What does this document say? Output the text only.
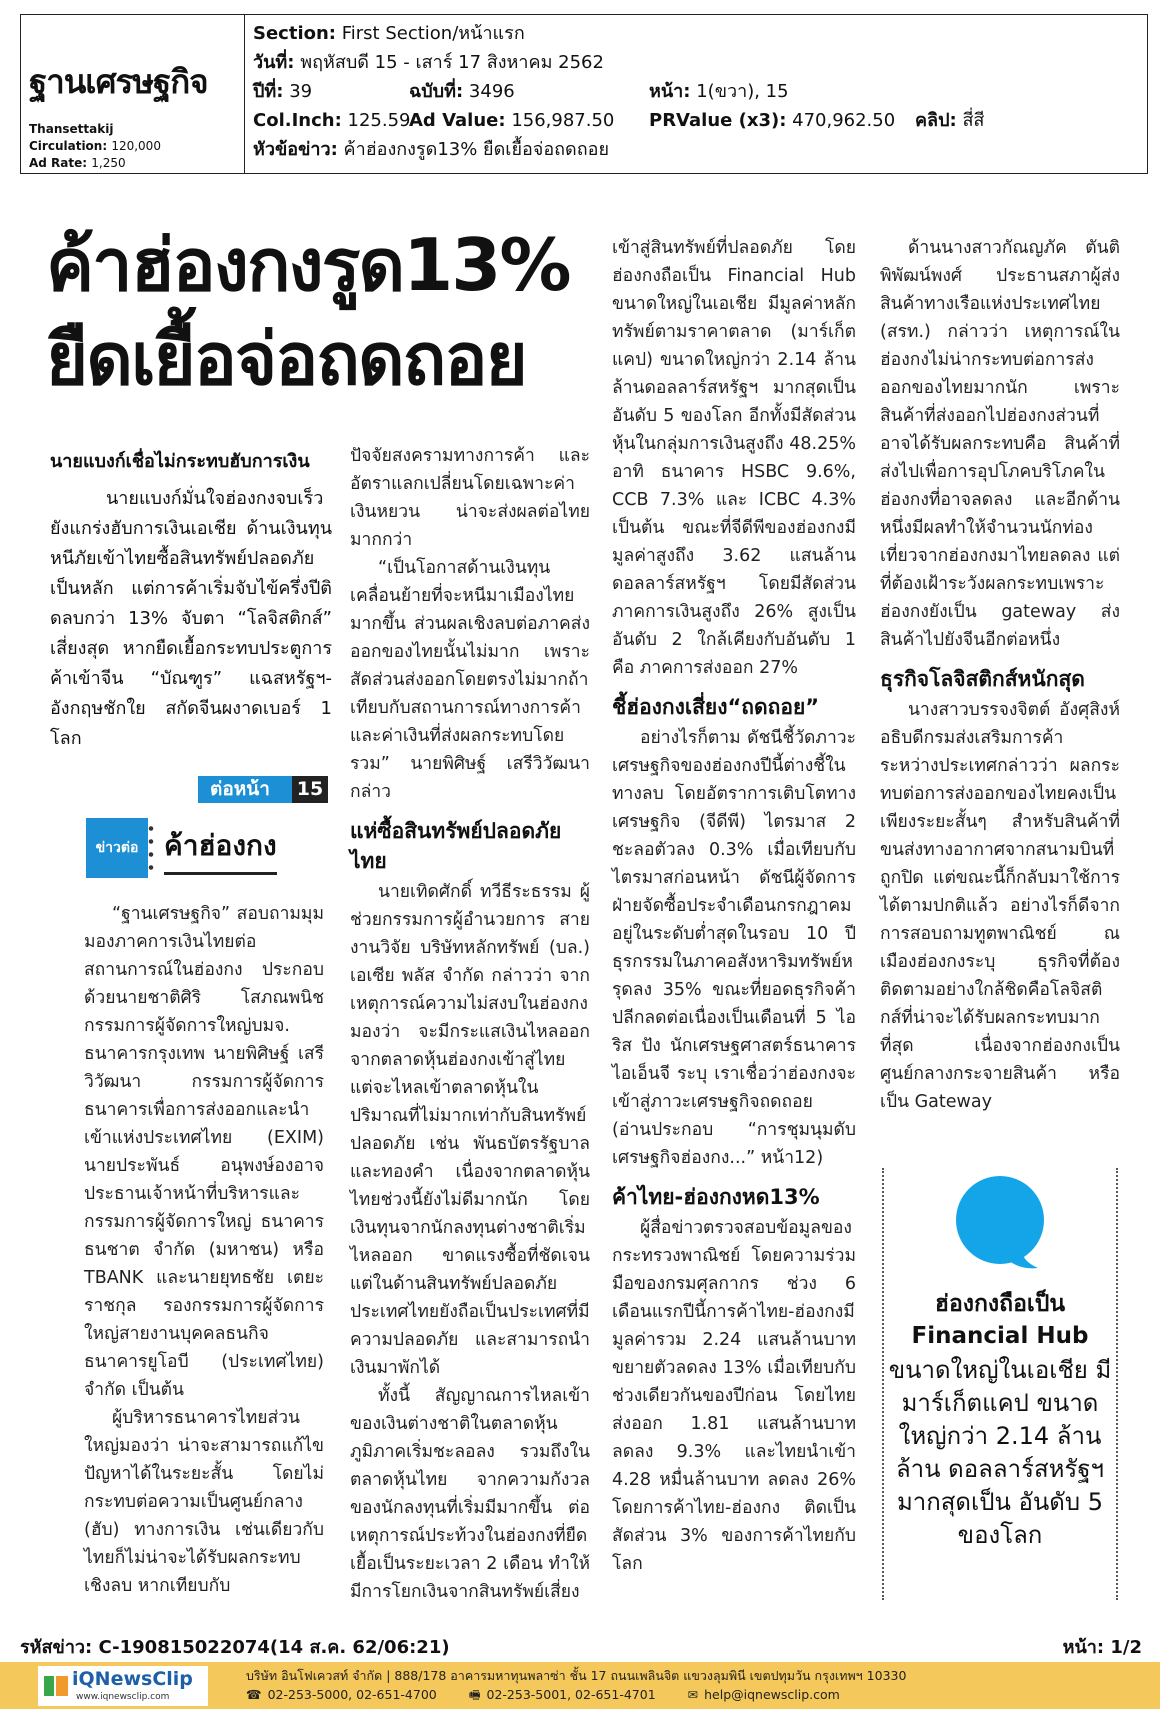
ฐานเศรษฐกิจ
Thansettakij
Circulation: 120,000
Ad Rate: 1,250
Section: First Section/หน้าแรก
วันที่: พฤหัสบดี 15 - เสาร์ 17 สิงหาคม 2562
ปีที่: 39	ฉบับที่: 3496	หน้า: 1(ขวา), 15
Col.Inch: 125.59
Ad Value: 156,987.50 PRValue (x3): 470,962.50 คลิป: สี่สี
หัวข้อข่าว: ค้าฮ่องกงรูด13% ยืดเยื้อจ่อถดถอย
ค้าฮ่องกงรูด13%
ยืดเยื้อจ่อถดถอย
นายแบงก์เชื่อไม่กระทบฮับการเงิน

นายแบงก์มั่นใจฮ่องกงจบเร็วยังแกร่งฮับการเงินเอเชีย ด้านเงินทุนหนีภัยเข้าไทยซื้อสินทรัพย์ปลอดภัยเป็นหลัก แต่การค้าเริ่มจับไข้ครึ่งปีติดลบกว่า 13% จับตา “โลจิสติกส์” เสี่ยงสุด หากยืดเยื้อกระทบประตูการค้าเข้าจีน “บัณฑูร” แฉสหรัฐฯ-อังกฤษชักใย สกัดจีนผงาดเบอร์ 1 โลก

ต่อหน้า 15
ข่าวต่อ ค้าฮ่องกง

“ฐานเศรษฐกิจ” สอบถามมุมมองภาคการเงินไทยต่อสถานการณ์ในฮ่องกง ประกอบด้วยนายชาติศิริ โสภณพนิช กรรมการผู้จัดการใหญ่บมจ. ธนาคารกรุงเทพ นายพิศิษฐ์ เสรีวิวัฒนา กรรมการผู้จัดการธนาคารเพื่อการส่งออกและนำเข้าแห่งประเทศไทย (EXIM) นายประพันธ์ อนุพงษ์องอาจ ประธานเจ้าหน้าที่บริหารและกรรมการผู้จัดการใหญ่ ธนาคารธนชาต จำกัด (มหาชน) หรือ TBANK และนายยุทธชัย เตยะราชกุล รองกรรมการผู้จัดการใหญ่สายงานบุคคลธนกิจ ธนาคารยูโอบี (ประเทศไทย) จำกัด เป็นต้น

ผู้บริหารธนาคารไทยส่วนใหญ่มองว่า น่าจะสามารถแก้ไขปัญหาได้ในระยะสั้น โดยไม่กระทบต่อความเป็นศูนย์กลาง (ฮับ) ทางการเงิน เช่นเดียวกับไทยก็ไม่น่าจะได้รับผลกระทบเชิงลบ หากเทียบกับ

ปัจจัยสงครามทางการค้า และอัตราแลกเปลี่ยนโดยเฉพาะค่าเงินหยวน น่าจะส่งผลต่อไทยมากกว่า

“เป็นโอกาสด้านเงินทุนเคลื่อนย้ายที่จะหนีมาเมืองไทยมากขึ้น ส่วนผลเชิงลบต่อภาคส่งออกของไทยนั้นไม่มาก เพราะสัดส่วนส่งออกโดยตรงไม่มากถ้าเทียบกับสถานการณ์ทางการค้าและค่าเงินที่ส่งผลกระทบโดยรวม” นายพิศิษฐ์ เสรีวิวัฒนา กล่าว

แห่ซื้อสินทรัพย์ปลอดภัยไทย

นายเทิดศักดิ์ ทวีธีระธรรม ผู้ช่วยกรรมการผู้อำนวยการ สายงานวิจัย บริษัทหลักทรัพย์ (บล.) เอเซีย พลัส จำกัด กล่าวว่า จากเหตุการณ์ความไม่สงบในฮ่องกงมองว่า จะมีกระแสเงินไหลออกจากตลาดหุ้นฮ่องกงเข้าสู่ไทย แต่จะไหลเข้าตลาดหุ้นในปริมาณที่ไม่มากเท่ากับสินทรัพย์ปลอดภัย เช่น พันธบัตรรัฐบาล และทองคำ เนื่องจากตลาดหุ้นไทยช่วงนี้ยังไม่ดีมากนัก โดยเงินทุนจากนักลงทุนต่างชาติเริ่มไหลออก ขาดแรงซื้อที่ชัดเจน แต่ในด้านสินทรัพย์ปลอดภัย ประเทศไทยยังถือเป็นประเทศที่มีความปลอดภัย และสามารถนำเงินมาพักได้

ทั้งนี้ สัญญาณการไหลเข้าของเงินต่างชาติในตลาดหุ้นภูมิภาคเริ่มชะลอลง รวมถึงในตลาดหุ้นไทย จากความกังวลของนักลงทุนที่เริ่มมีมากขึ้น ต่อเหตุการณ์ประท้วงในฮ่องกงที่ยืดเยื้อเป็นระยะเวลา 2 เดือน ทำให้มีการโยกเงินจากสินทรัพย์เสี่ยง

เข้าสู่สินทรัพย์ที่ปลอดภัย โดยฮ่องกงถือเป็น Financial Hub ขนาดใหญ่ในเอเชีย มีมูลค่าหลักทรัพย์ตามราคาตลาด (มาร์เก็ตแคป) ขนาดใหญ่กว่า 2.14 ล้านล้านดอลลาร์สหรัฐฯ มากสุดเป็นอันดับ 5 ของโลก อีกทั้งมีสัดส่วนหุ้นในกลุ่มการเงินสูงถึง 48.25% อาทิ ธนาคาร HSBC 9.6%, CCB 7.3% และ ICBC 4.3% เป็นต้น ขณะที่จีดีพีของฮ่องกงมีมูลค่าสูงถึง 3.62 แสนล้านดอลลาร์สหรัฐฯ โดยมีสัดส่วนภาคการเงินสูงถึง 26% สูงเป็นอันดับ 2 ใกล้เคียงกับอันดับ 1 คือ ภาคการส่งออก 27%

ชี้ฮ่องกงเสี่ยง“ถดถอย”

อย่างไรก็ตาม ดัชนีชี้วัดภาวะเศรษฐกิจของฮ่องกงปีนี้ต่างชี้ในทางลบ โดยอัตราการเติบโตทางเศรษฐกิจ (จีดีพี) ไตรมาส 2 ชะลอตัวลง 0.3% เมื่อเทียบกับไตรมาสก่อนหน้า ดัชนีผู้จัดการฝ่ายจัดซื้อประจำเดือนกรกฎาคมอยู่ในระดับต่ำสุดในรอบ 10 ปี ธุรกรรมในภาคอสังหาริมทรัพย์หรุดลง 35% ขณะที่ยอดธุรกิจค้าปลีกลดต่อเนื่องเป็นเดือนที่ 5 ไอริส ปัง นักเศรษฐศาสตร์ธนาคารไอเอ็นจี ระบุ เราเชื่อว่าฮ่องกงจะเข้าสู่ภาวะเศรษฐกิจถดถอย (อ่านประกอบ “การชุมนุมดับเศรษฐกิจฮ่องกง...” หน้า12)

ค้าไทย-ฮ่องกงหด13%

ผู้สื่อข่าวตรวจสอบข้อมูลของกระทรวงพาณิชย์ โดยความร่วมมือของกรมศุลกากร ช่วง 6 เดือนแรกปีนี้การค้าไทย-ฮ่องกงมีมูลค่ารวม 2.24 แสนล้านบาท ขยายตัวลดลง 13% เมื่อเทียบกับช่วงเดียวกันของปีก่อน โดยไทยส่งออก 1.81 แสนล้านบาท ลดลง 9.3% และไทยนำเข้า 4.28 หมื่นล้านบาท ลดลง 26% โดยการค้าไทย-ฮ่องกง ติดเป็นสัดส่วน 3% ของการค้าไทยกับโลก

ด้านนางสาวกัณญภัค ตันติพิพัฒน์พงศ์ ประธานสภาผู้ส่งสินค้าทางเรือแห่งประเทศไทย (สรท.) กล่าวว่า เหตุการณ์ในฮ่องกงไม่น่ากระทบต่อการส่งออกของไทยมากนัก เพราะสินค้าที่ส่งออกไปฮ่องกงส่วนที่อาจได้รับผลกระทบคือ สินค้าที่ส่งไปเพื่อการอุปโภคบริโภคในฮ่องกงที่อาจลดลง และอีกด้านหนึ่งมีผลทำให้จำนวนนักท่องเที่ยวจากฮ่องกงมาไทยลดลง แต่ที่ต้องเฝ้าระวังผลกระทบเพราะฮ่องกงยังเป็น gateway ส่งสินค้าไปยังจีนอีกต่อหนึ่ง

ธุรกิจโลจิสติกส์หนักสุด

นางสาวบรรจงจิตต์ อังศุสิงห์ อธิบดีกรมส่งเสริมการค้าระหว่างประเทศกล่าวว่า ผลกระทบต่อการส่งออกของไทยคงเป็นเพียงระยะสั้นๆ สำหรับสินค้าที่ขนส่งทางอากาศจากสนามบินที่ถูกปิด แต่ขณะนี้ก็กลับมาใช้การได้ตามปกติแล้ว อย่างไรก็ดีจากการสอบถามทูตพาณิชย์ ณ เมืองฮ่องกงระบุ ธุรกิจที่ต้องติดตามอย่างใกล้ชิดคือโลจิสติกส์ที่น่าจะได้รับผลกระทบมากที่สุด เนื่องจากฮ่องกงเป็นศูนย์กลางกระจายสินค้า หรือเป็น Gateway

ฮ่องกงถือเป็น
Financial Hub
ขนาดใหญ่ในเอเชีย มีมาร์เก็ตแคป ขนาดใหญ่กว่า 2.14 ล้านล้าน ดอลลาร์สหรัฐฯ มากสุดเป็น อันดับ 5 ของโลก
รหัสข่าว: C-190815022074(14 ส.ค. 62/06:21)	หน้า: 1/2
iQNewsClip
www.iqnewsclip.com
บริษัท อินโฟเควสท์ จำกัด | 888/178 อาคารมหาทุนพลาซ่า ชั้น 17 ถนนเพลินจิต แขวงลุมพินี เขตปทุมวัน กรุงเทพฯ 10330
☎ 02-253-5000, 02-651-4700	🖷 02-253-5001, 02-651-4701	✉ help@iqnewsclip.com
